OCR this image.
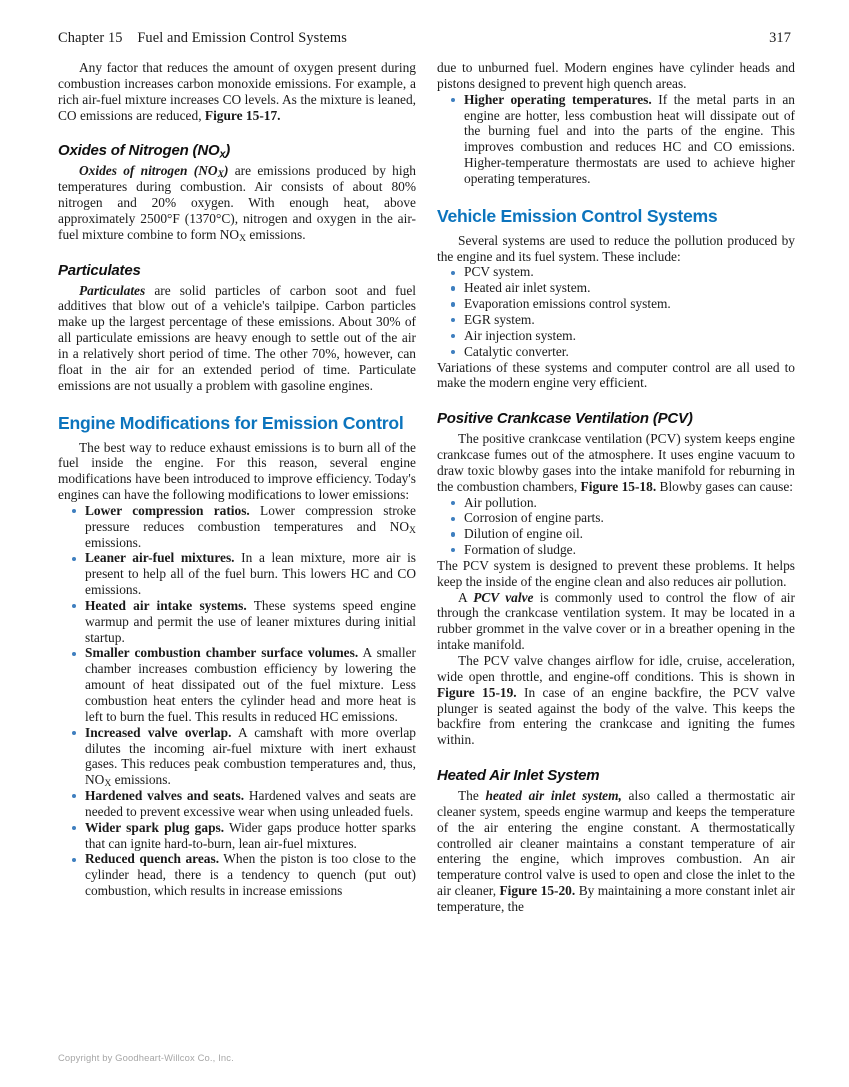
Chapter 15    Fuel and Emission Control Systems	317

Any factor that reduces the amount of oxygen present during combustion increases carbon monoxide emissions. For example, a rich air-fuel mixture increases CO levels. As the mixture is leaned, CO emissions are reduced, Figure 15-17.

Oxides of Nitrogen $(NO_x)$

Oxides of nitrogen $(NO_X)$ are emissions produced by high temperatures during combustion. Air consists of about 80% nitrogen and 20% oxygen. With enough heat, above approximately 2500°F (1370°C), nitrogen and oxygen in the air-fuel mixture combine to form $NO_X$ emissions.

Particulates

Particulates are solid particles of carbon soot and fuel additives that blow out of a vehicle's tailpipe. Carbon particles make up the largest percentage of these emissions. About 30% of all particulate emissions are heavy enough to settle out of the air in a relatively short period of time. The other 70%, however, can float in the air for an extended period of time. Particulate emissions are not usually a problem with gasoline engines.

Engine Modifications for Emission Control

The best way to reduce exhaust emissions is to burn all of the fuel inside the engine. For this reason, several engine modifications have been introduced to improve efficiency. Today's engines can have the following modifications to lower emissions:

Lower compression ratios. Lower compression stroke pressure reduces combustion temperatures and $NO_X$ emissions.
Leaner air-fuel mixtures. In a lean mixture, more air is present to help all of the fuel burn. This lowers HC and CO emissions.
Heated air intake systems. These systems speed engine warmup and permit the use of leaner mixtures during initial startup.
Smaller combustion chamber surface volumes. A smaller chamber increases combustion efficiency by lowering the amount of heat dissipated out of the fuel mixture. Less combustion heat enters the cylinder head and more heat is left to burn the fuel. This results in reduced HC emissions.
Increased valve overlap. A camshaft with more overlap dilutes the incoming air-fuel mixture with inert exhaust gases. This reduces peak combustion temperatures and, thus, $NO_X$ emissions.
Hardened valves and seats. Hardened valves and seats are needed to prevent excessive wear when using unleaded fuels.
Wider spark plug gaps. Wider gaps produce hotter sparks that can ignite hard-to-burn, lean air-fuel mixtures.
Reduced quench areas. When the piston is too close to the cylinder head, there is a tendency to quench (put out) combustion, which results in increase emissions

due to unburned fuel. Modern engines have cylinder heads and pistons designed to prevent high quench areas.

Higher operating temperatures. If the metal parts in an engine are hotter, less combustion heat will dissipate out of the burning fuel and into the parts of the engine. This improves combustion and reduces HC and CO emissions. Higher-temperature thermostats are used to achieve higher operating temperatures.
Vehicle Emission Control Systems

Several systems are used to reduce the pollution produced by the engine and its fuel system. These include:

PCV system.
Heated air inlet system.
Evaporation emissions control system.
EGR system.
Air injection system.
Catalytic converter.

Variations of these systems and computer control are all used to make the modern engine very efficient.

Positive Crankcase Ventilation (PCV)

The positive crankcase ventilation (PCV) system keeps engine crankcase fumes out of the atmosphere. It uses engine vacuum to draw toxic blowby gases into the intake manifold for reburning in the combustion chambers, Figure 15-18. Blowby gases can cause:

Air pollution.
Corrosion of engine parts.
Dilution of engine oil.
Formation of sludge.

The PCV system is designed to prevent these problems. It helps keep the inside of the engine clean and also reduces air pollution.

A PCV valve is commonly used to control the flow of air through the crankcase ventilation system. It may be located in a rubber grommet in the valve cover or in a breather opening in the intake manifold.

The PCV valve changes airflow for idle, cruise, acceleration, wide open throttle, and engine-off conditions. This is shown in Figure 15-19. In case of an engine backfire, the PCV valve plunger is seated against the body of the valve. This keeps the backfire from entering the crankcase and igniting the fumes within.

Heated Air Inlet System

The heated air inlet system, also called a thermostatic air cleaner system, speeds engine warmup and keeps the temperature of the air entering the engine constant. A thermostatically controlled air cleaner maintains a constant temperature of air entering the engine, which improves combustion. An air temperature control valve is used to open and close the inlet to the air cleaner, Figure 15-20. By maintaining a more constant inlet air temperature, the

Copyright by Goodheart-Willcox Co., Inc.
